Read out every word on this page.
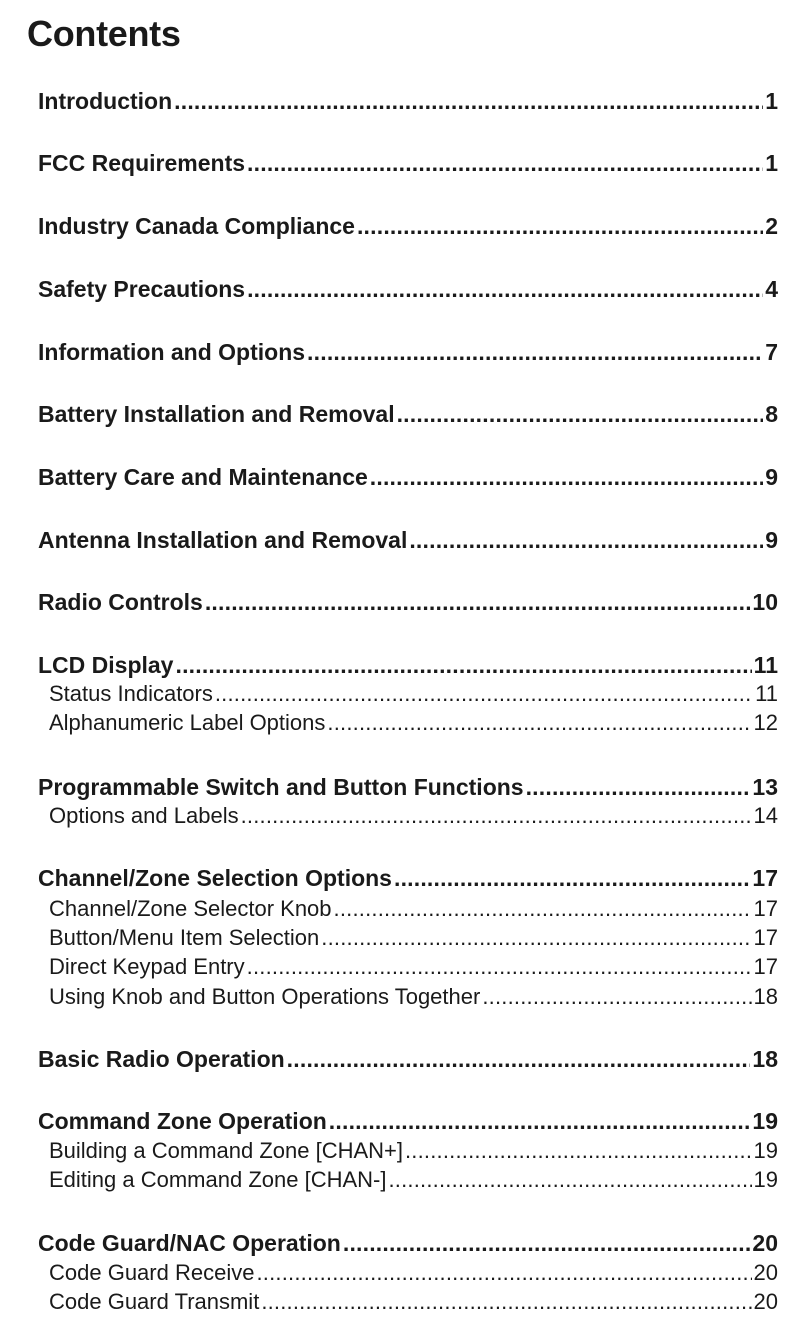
Contents
Introduction .....	1
FCC Requirements .....	1
Industry Canada Compliance .....	2
Safety Precautions .....	4
Information and Options .....	7
Battery Installation and Removal .....	8
Battery Care and Maintenance .....	9
Antenna Installation and Removal .....	9
Radio Controls .....	10
LCD Display .....	11
Status Indicators .....	11
Alphanumeric Label Options .....	12
Programmable Switch and Button Functions .....	13
Options and Labels .....	14
Channel/Zone Selection Options .....	17
Channel/Zone Selector Knob .....	17
Button/Menu Item Selection .....	17
Direct Keypad Entry .....	17
Using Knob and Button Operations Together .....	18
Basic Radio Operation .....	18
Command Zone Operation .....	19
Building a Command Zone [CHAN+] .....	19
Editing a Command Zone [CHAN-] .....	19
Code Guard/NAC Operation .....	20
Code Guard Receive .....	20
Code Guard Transmit .....	20
